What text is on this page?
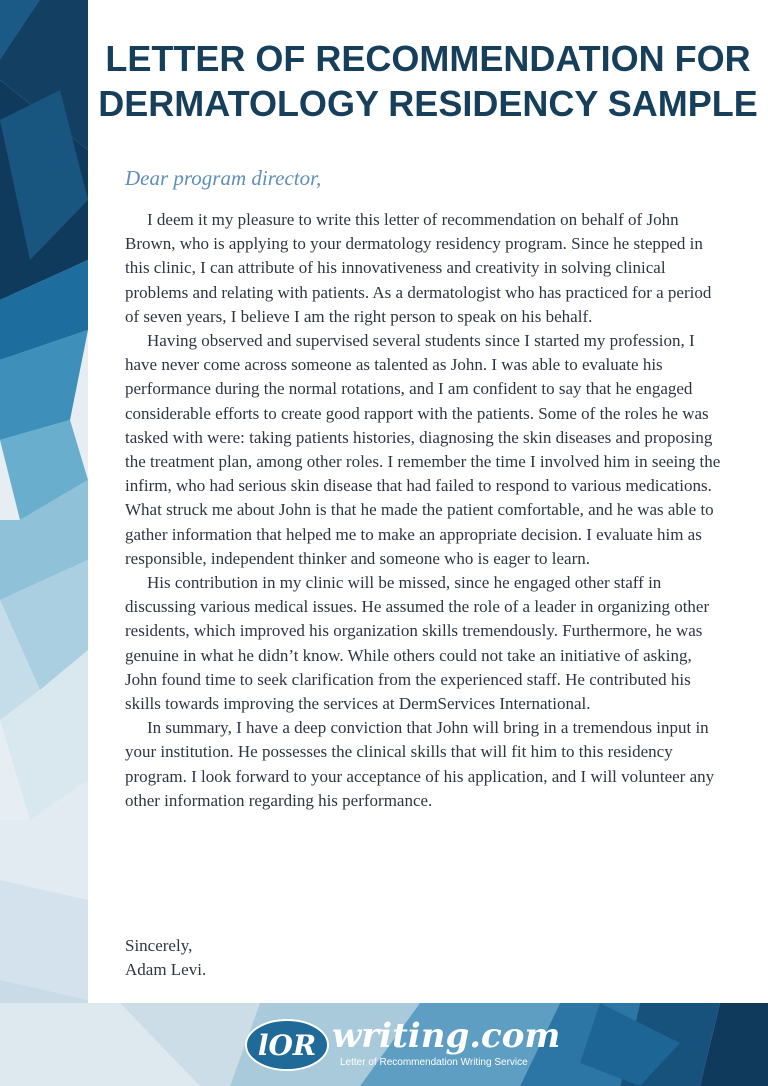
LETTER OF RECOMMENDATION FOR DERMATOLOGY RESIDENCY SAMPLE

Dear program director,

I deem it my pleasure to write this letter of recommendation on behalf of John Brown, who is applying to your dermatology residency program. Since he stepped in this clinic, I can attribute of his innovativeness and creativity in solving clinical problems and relating with patients. As a dermatologist who has practiced for a period of seven years, I believe I am the right person to speak on his behalf.

Having observed and supervised several students since I started my profession, I have never come across someone as talented as John. I was able to evaluate his performance during the normal rotations, and I am confident to say that he engaged considerable efforts to create good rapport with the patients. Some of the roles he was tasked with were: taking patients histories, diagnosing the skin diseases and proposing the treatment plan, among other roles. I remember the time I involved him in seeing the infirm, who had serious skin disease that had failed to respond to various medications. What struck me about John is that he made the patient comfortable, and he was able to gather information that helped me to make an appropriate decision. I evaluate him as responsible, independent thinker and someone who is eager to learn.

His contribution in my clinic will be missed, since he engaged other staff in discussing various medical issues. He assumed the role of a leader in organizing other residents, which improved his organization skills tremendously. Furthermore, he was genuine in what he didn’t know. While others could not take an initiative of asking, John found time to seek clarification from the experienced staff. He contributed his skills towards improving the services at DermServices International.

In summary, I have a deep conviction that John will bring in a tremendous input in your institution. He possesses the clinical skills that will fit him to this residency program. I look forward to your acceptance of his application, and I will volunteer any other information regarding his performance.

Sincerely,
Adam Levi.
lOR writing.com
Letter of Recommendation Writing Service
